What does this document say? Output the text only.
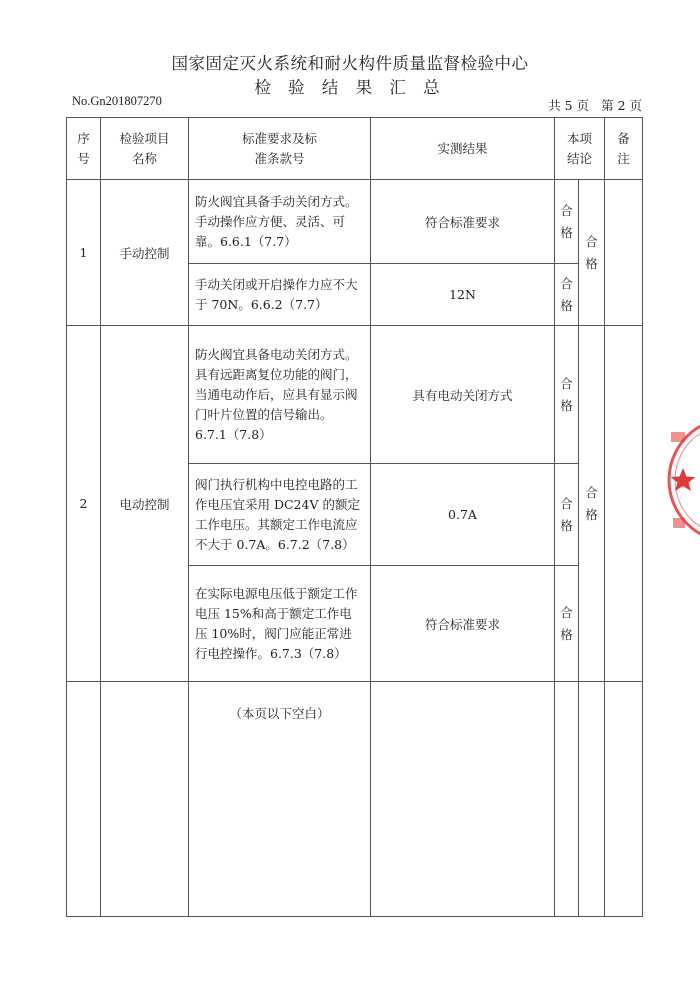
国家固定灭火系统和耐火构件质量监督检验中心
检 验 结 果 汇 总
No.Gn201807270	共 5 页 第 2 页
序号	检验项目名称	标准要求及标准条款号	实测结果	本项结论		备注

1	手动控制	防火阀宜具备手动关闭方式。手动操作应方便、灵活、可靠。6.6.1（7.7）	符合标准要求	合格	合格	

		手动关闭或开启操作力应不大于 70N。6.6.2（7.7）	12N	合格		

2	电动控制	防火阀宜具备电动关闭方式。具有远距离复位功能的阀门，当通电动作后，应具有显示阀门叶片位置的信号输出。6.7.1（7.8）	具有电动关闭方式	合格	合格	

		阀门执行机构中电控电路的工作电压宜采用 DC24V 的额定工作电压。其额定工作电流应不大于 0.7A。6.7.2（7.8）	0.7A	合格		

		在实际电源电压低于额定工作电压 15%和高于额定工作电压 10%时，阀门应能正常进行电控操作。6.7.3（7.8）	符合标准要求	合格		

		（本页以下空白）				
